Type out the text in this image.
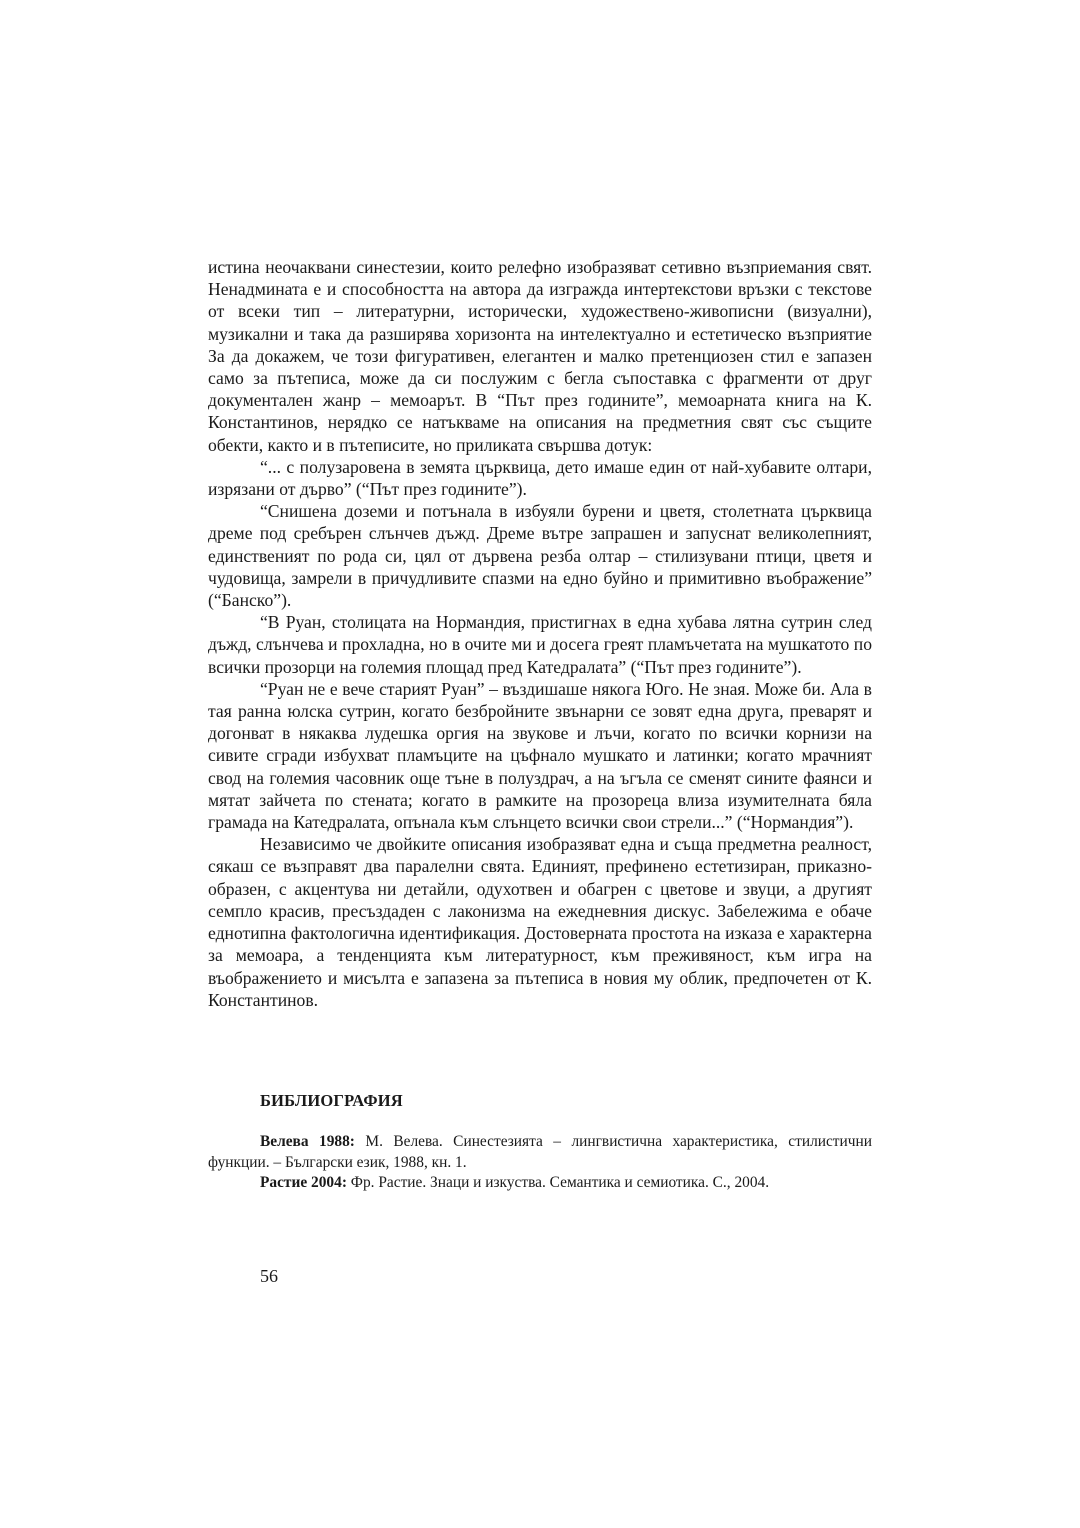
истина неочаквани синестезии, които релефно изобразяват сетивно възприемания свят. Ненадмината е и способността на автора да изгражда интертекстови връзки с текстове от всеки тип – литературни, исторически, художествено-живописни (визуални), музикални и така да разширява хоризонта на интелектуално и естетическо възприятие За да докажем, че този фигуративен, елегантен и малко претенциозен стил е запазен само за пътеписа, може да си послужим с бегла съпоставка с фрагменти от друг документален жанр – мемоарът. В “Път през годините”, мемоарната книга на К. Константинов, нерядко се натъкваме на описания на предметния свят със същите обекти, както и в пътеписите, но приликата свършва дотук:

“... с полузаровена в земята църквица, дето имаше един от най-хубавите олтари, изрязани от дърво” (“Път през годините”).

“Снишена доземи и потънала в избуяли бурени и цветя, столетната църквица дреме под сребърен слънчев дъжд. Дреме вътре запрашен и запуснат великолепният, единственият по рода си, цял от дървена резба олтар – стилизувани птици, цветя и чудовища, замрели в причудливите спазми на едно буйно и примитивно въображение” (“Банско”).

“В Руан, столицата на Нормандия, пристигнах в една хубава лятна сутрин след дъжд, слънчева и прохладна, но в очите ми и досега греят пламъчетата на мушкатото по всички прозорци на големия площад пред Катедралата” (“Път през годините”).

“Руан не е вече старият Руан” – въздишаше някога Юго. Не зная. Може би. Ала в тая ранна юлска сутрин, когато безбройните звънарни се зовят една друга, преварят и догонват в някаква лудешка оргия на звукове и лъчи, когато по всички корнизи на сивите сгради избухват пламъците на цъфнало мушкато и латинки; когато мрачният свод на големия часовник още тъне в полуздрач, а на ъгъла се сменят сините фаянси и мятат зайчета по стената; когато в рамките на прозореца влиза изумителната бяла грамада на Катедралата, опънала към слънцето всички свои стрели...” (“Нормандия”).

Независимо че двойките описания изобразяват една и съща предметна реалност, сякаш се възправят два паралелни свята. Единият, префинено естетизиран, приказно-образен, с акцентува ни детайли, одухотвен и обагрен с цветове и звуци, а другият семпло красив, пресъздаден с лаконизма на ежедневния дискус. Забележима е обаче еднотипна фактологична идентификация. Достоверната простота на изказа е характерна за мемоара, а тенденцията към литературност, към преживяност, към игра на въображението и мисълта е запазена за пътеписа в новия му облик, предпочетен от К. Константинов.

БИБЛИОГРАФИЯ

Велева 1988: М. Велева. Синестезията – лингвистична характеристика, стилистични функции. – Български език, 1988, кн. 1.

Растие 2004: Фр. Растие. Знаци и изкуства. Семантика и семиотика. С., 2004.

56
